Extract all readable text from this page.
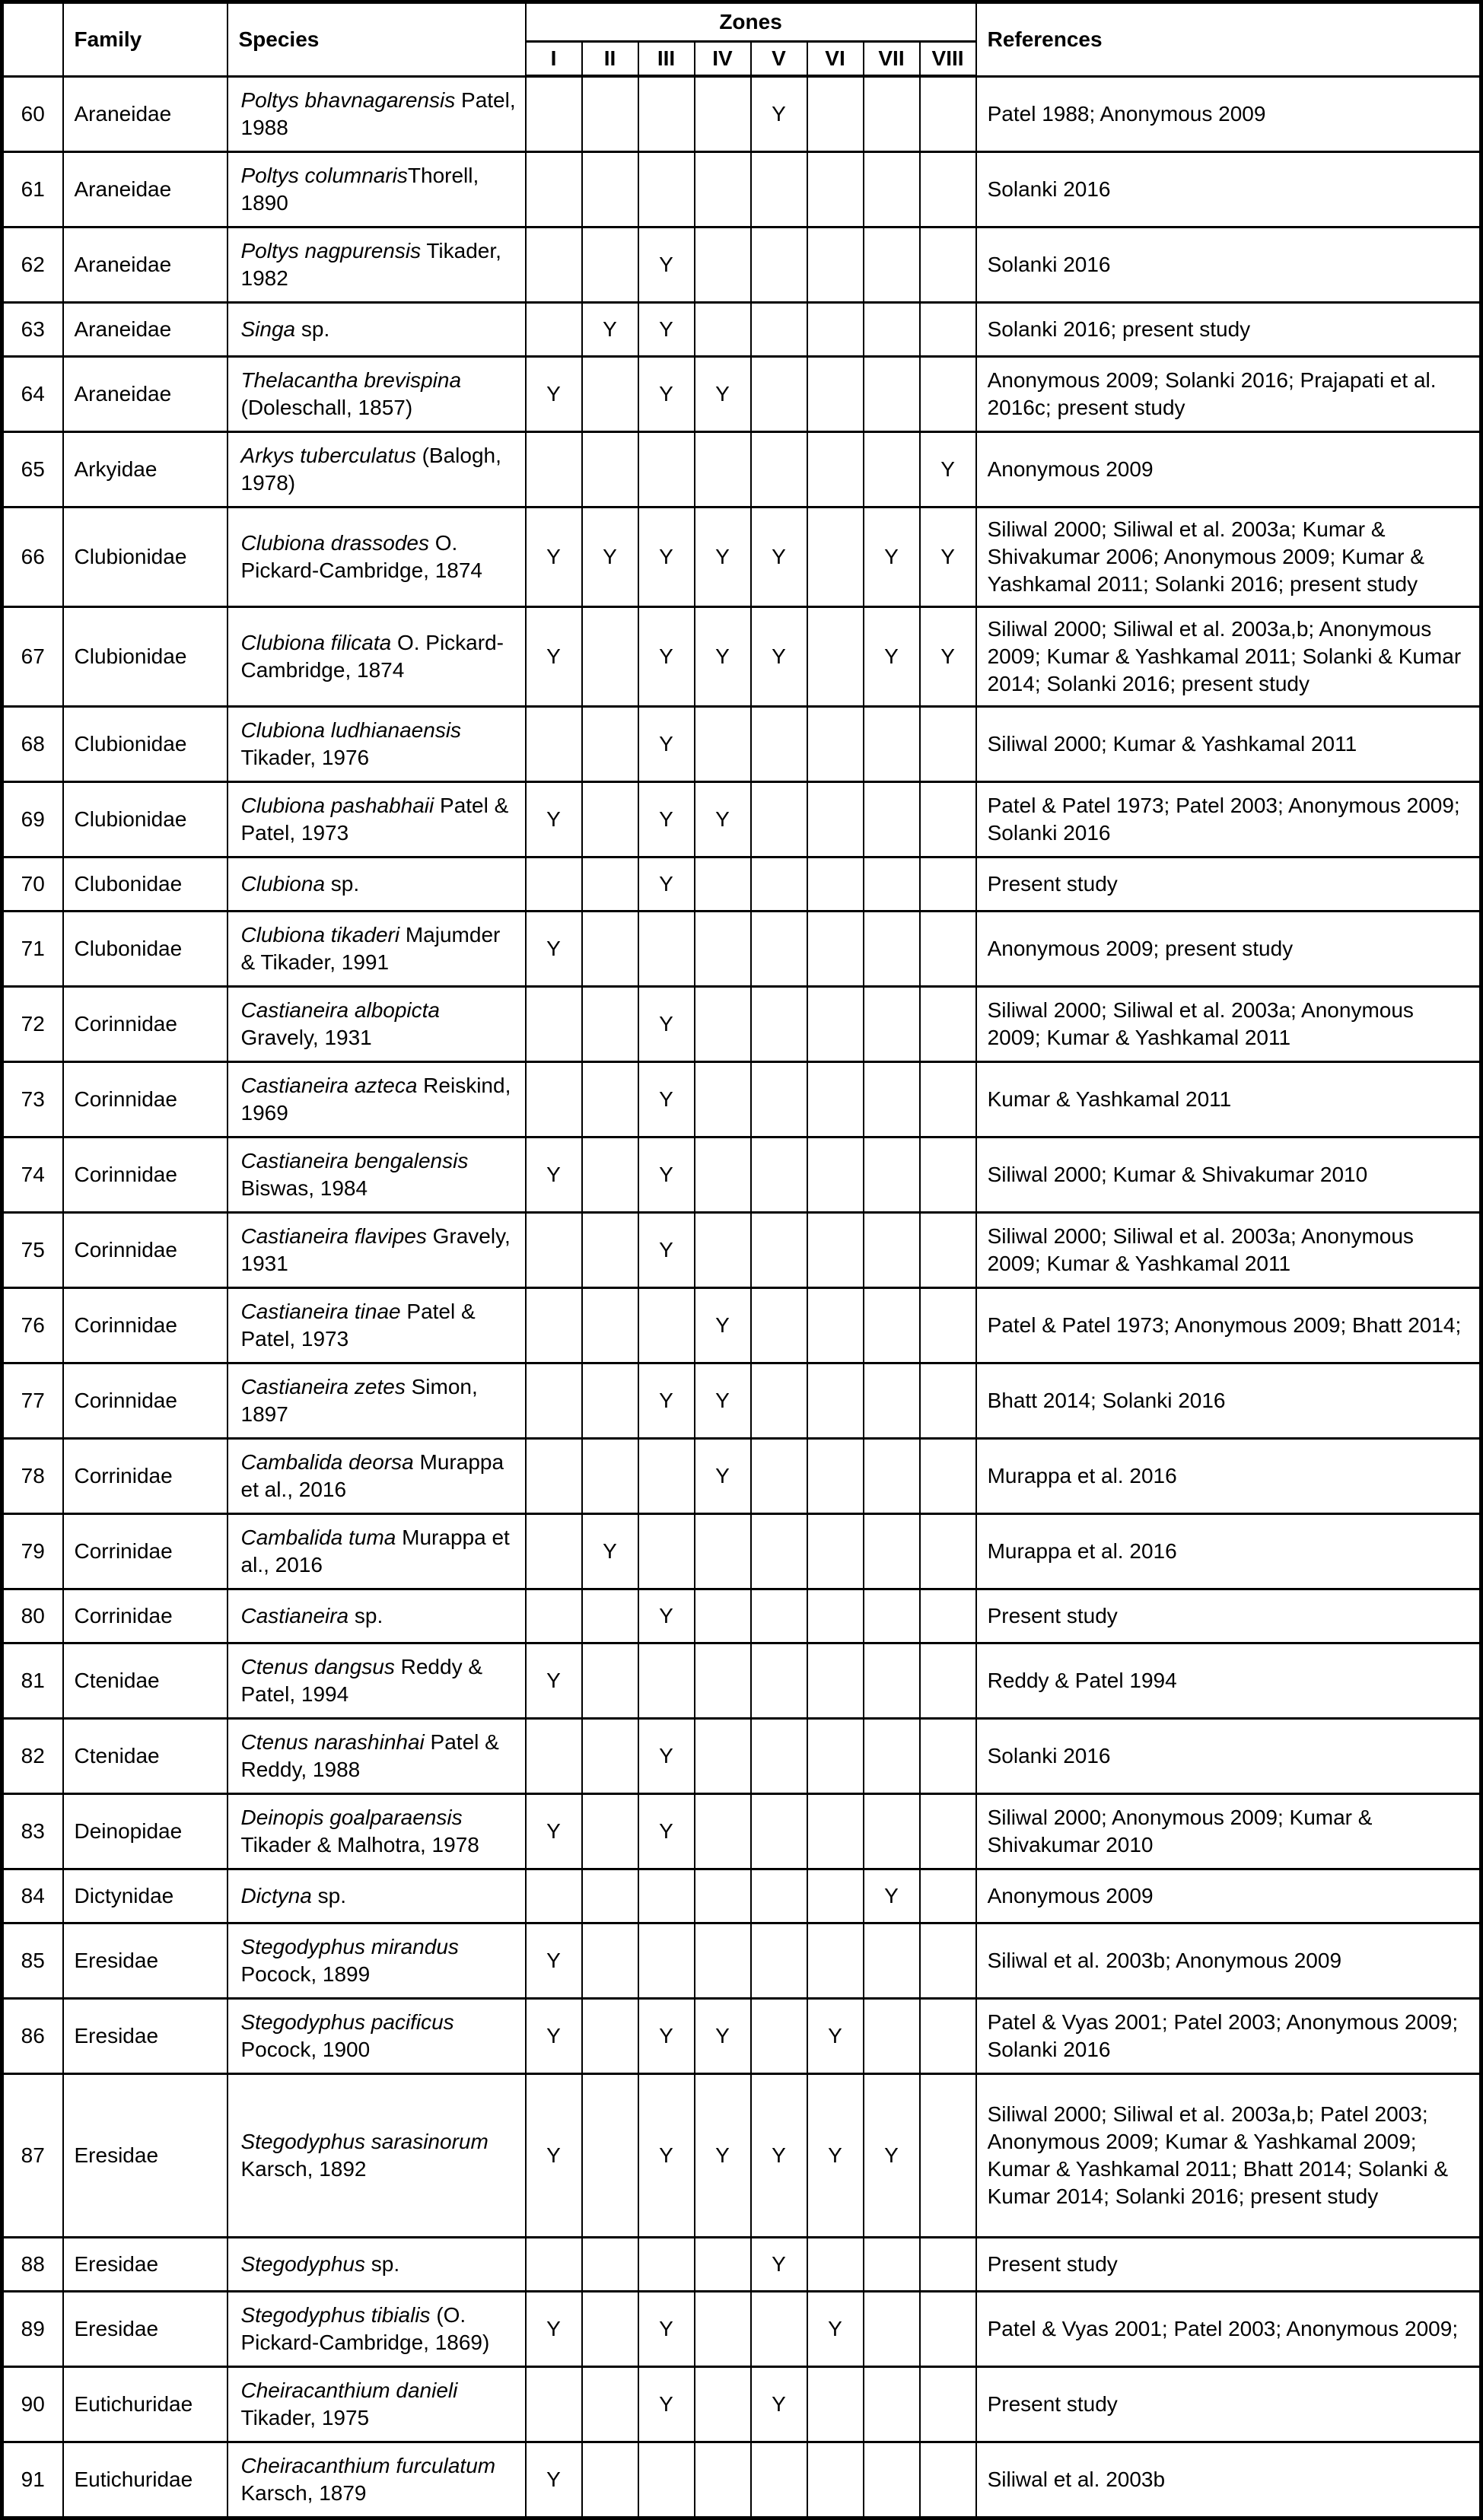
	Family	Species	Zones								References
			I	II	III	IV	V	VI	VII	VIII	
60	Araneidae	Poltys bhavnagarensis Patel, 1988					Y				Patel 1988; Anonymous 2009
61	Araneidae	Poltys columnarisThorell, 1890									Solanki 2016
62	Araneidae	Poltys nagpurensis Tikader, 1982			Y						Solanki 2016
63	Araneidae	Singa sp.		Y	Y						Solanki 2016; present study
64	Araneidae	Thelacantha brevispina (Doleschall, 1857)	Y		Y	Y					Anonymous 2009; Solanki 2016; Prajapati et al. 2016c; present study
65	Arkyidae	Arkys tuberculatus (Balogh, 1978)								Y	Anonymous 2009
66	Clubionidae	Clubiona drassodes O. Pickard-Cambridge, 1874	Y	Y	Y	Y	Y		Y	Y	Siliwal 2000; Siliwal et al. 2003a; Kumar & Shivakumar 2006; Anonymous 2009; Kumar & Yashkamal 2011; Solanki 2016; present study
67	Clubionidae	Clubiona filicata O. Pickard-Cambridge, 1874	Y		Y	Y	Y		Y	Y	Siliwal 2000; Siliwal et al. 2003a,b; Anonymous 2009; Kumar & Yashkamal 2011; Solanki & Kumar 2014; Solanki 2016; present study
68	Clubionidae	Clubiona ludhianaensis Tikader, 1976			Y						Siliwal 2000; Kumar & Yashkamal 2011
69	Clubionidae	Clubiona pashabhaii Patel & Patel, 1973	Y		Y	Y					Patel & Patel 1973; Patel 2003; Anonymous 2009; Solanki 2016
70	Clubonidae	Clubiona sp.			Y						Present study
71	Clubonidae	Clubiona tikaderi Majumder & Tikader, 1991	Y								Anonymous 2009; present study
72	Corinnidae	Castianeira albopicta Gravely, 1931			Y						Siliwal 2000; Siliwal et al. 2003a; Anonymous 2009; Kumar & Yashkamal 2011
73	Corinnidae	Castianeira azteca Reiskind, 1969			Y						Kumar & Yashkamal 2011
74	Corinnidae	Castianeira bengalensis Biswas, 1984	Y		Y						Siliwal 2000; Kumar & Shivakumar 2010
75	Corinnidae	Castianeira flavipes Gravely, 1931			Y						Siliwal 2000; Siliwal et al. 2003a; Anonymous 2009; Kumar & Yashkamal 2011
76	Corinnidae	Castianeira tinae Patel & Patel, 1973				Y					Patel & Patel 1973; Anonymous 2009; Bhatt 2014;
77	Corinnidae	Castianeira zetes Simon, 1897			Y	Y					Bhatt 2014; Solanki 2016
78	Corrinidae	Cambalida deorsa Murappa et al., 2016				Y					Murappa et al. 2016
79	Corrinidae	Cambalida tuma Murappa et al., 2016		Y							Murappa et al. 2016
80	Corrinidae	Castianeira sp.			Y						Present study
81	Ctenidae	Ctenus dangsus Reddy & Patel, 1994	Y								Reddy & Patel 1994
82	Ctenidae	Ctenus narashinhai Patel & Reddy, 1988			Y						Solanki 2016
83	Deinopidae	Deinopis goalparaensis Tikader & Malhotra, 1978	Y		Y						Siliwal 2000; Anonymous 2009; Kumar & Shivakumar 2010
84	Dictynidae	Dictyna sp.							Y		Anonymous 2009
85	Eresidae	Stegodyphus mirandus Pocock, 1899	Y								Siliwal et al. 2003b; Anonymous 2009
86	Eresidae	Stegodyphus pacificus Pocock, 1900	Y		Y	Y		Y			Patel & Vyas 2001; Patel 2003; Anonymous 2009; Solanki 2016
87	Eresidae	Stegodyphus sarasinorum Karsch, 1892	Y		Y	Y	Y	Y	Y		Siliwal 2000; Siliwal et al. 2003a,b; Patel 2003; Anonymous 2009; Kumar & Yashkamal 2009; Kumar & Yashkamal 2011; Bhatt 2014; Solanki & Kumar 2014; Solanki 2016; present study
88	Eresidae	Stegodyphus sp.					Y				Present study
89	Eresidae	Stegodyphus tibialis (O. Pickard-Cambridge, 1869)	Y		Y			Y			Patel & Vyas 2001; Patel 2003; Anonymous 2009;
90	Eutichuridae	Cheiracanthium danieli Tikader, 1975			Y		Y				Present study
91	Eutichuridae	Cheiracanthium furculatum Karsch, 1879	Y								Siliwal et al. 2003b
